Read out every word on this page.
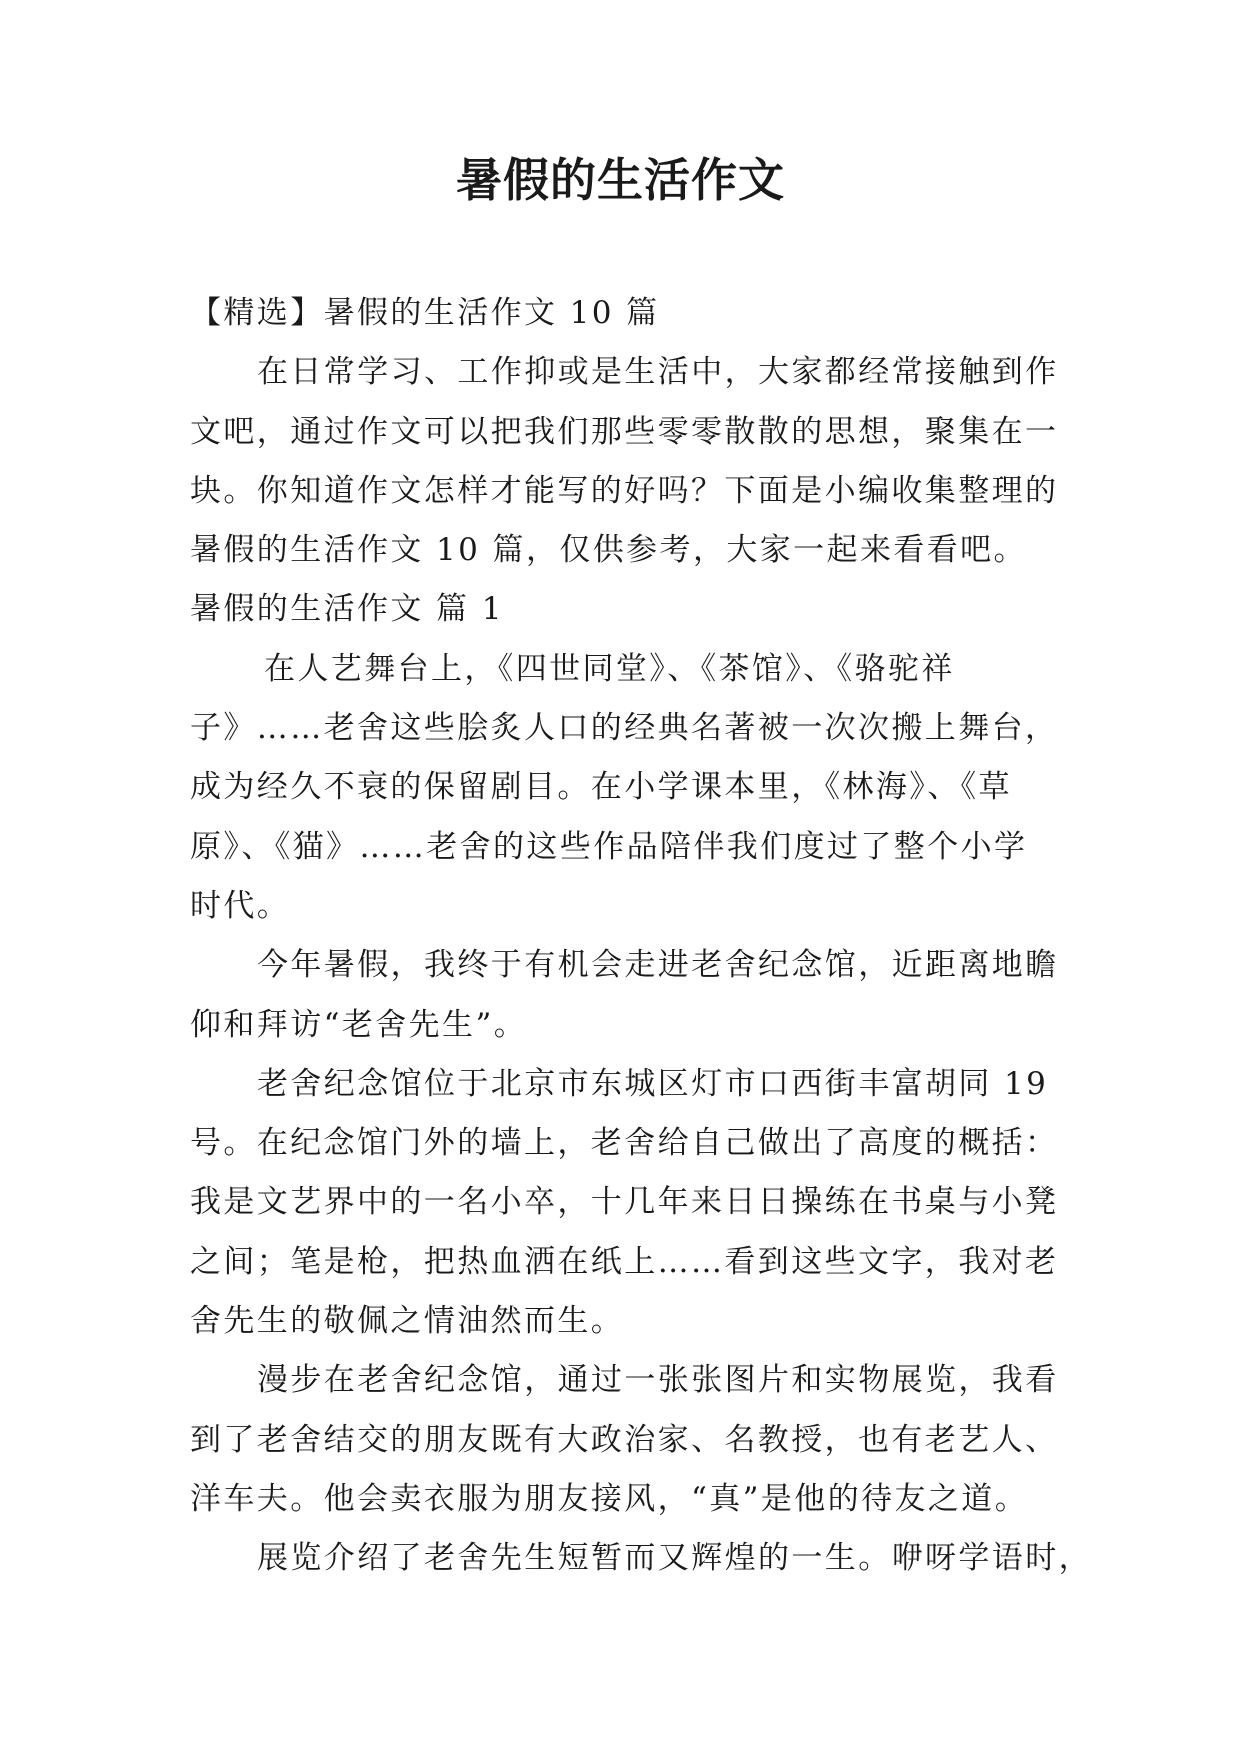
暑假的生活作文
【精选】暑假的生活作文 10 篇
在日常学习、工作抑或是生活中，大家都经常接触到作
文吧，通过作文可以把我们那些零零散散的思想，聚集在一
块。你知道作文怎样才能写的好吗？下面是小编收集整理的
暑假的生活作文 10 篇，仅供参考，大家一起来看看吧。
暑假的生活作文 篇 1
在人艺舞台上，《四世同堂》、《茶馆》、《骆驼祥
子》……老舍这些脍炙人口的经典名著被一次次搬上舞台，
成为经久不衰的保留剧目。在小学课本里，《林海》、《草
原》、《猫》……老舍的这些作品陪伴我们度过了整个小学
时代。
今年暑假，我终于有机会走进老舍纪念馆，近距离地瞻
仰和拜访“老舍先生”。
老舍纪念馆位于北京市东城区灯市口西街丰富胡同 19
号。在纪念馆门外的墙上，老舍给自己做出了高度的概括：
我是文艺界中的一名小卒，十几年来日日操练在书桌与小凳
之间；笔是枪，把热血洒在纸上……看到这些文字，我对老
舍先生的敬佩之情油然而生。
漫步在老舍纪念馆，通过一张张图片和实物展览，我看
到了老舍结交的朋友既有大政治家、名教授，也有老艺人、
洋车夫。他会卖衣服为朋友接风，“真”是他的待友之道。
展览介绍了老舍先生短暂而又辉煌的一生。咿呀学语时，
